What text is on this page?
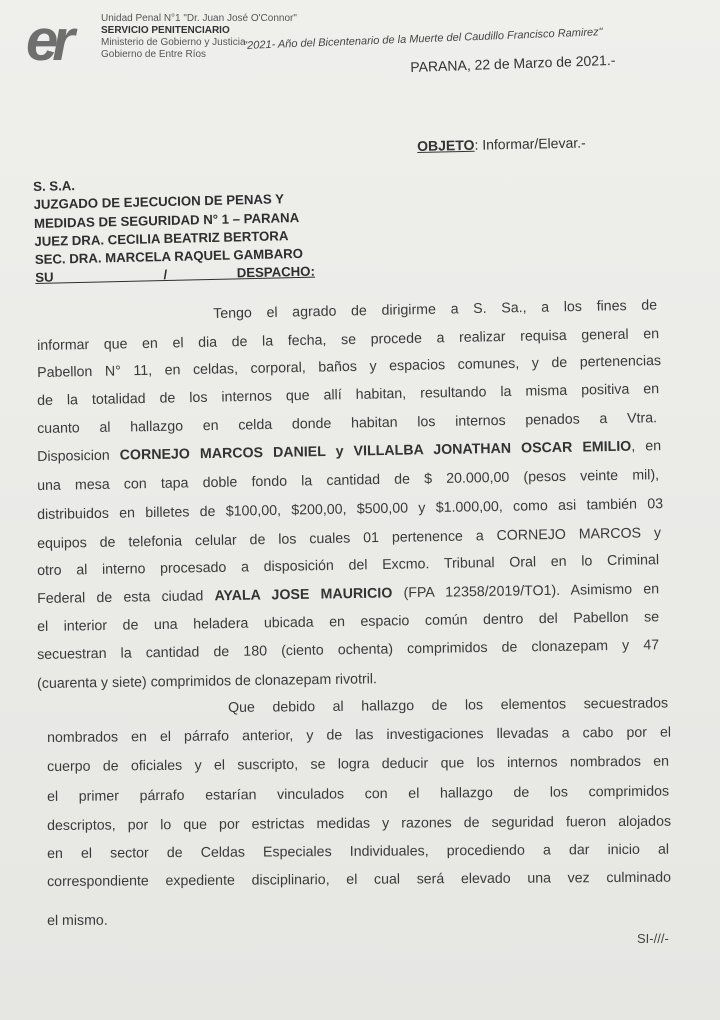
er	Unidad Penal N°1 "Dr. Juan José O'Connor"
SERVICIO PENITENCIARIO
Ministerio de Gobierno y Justicia
Gobierno de Entre Ríos
"2021- Año del Bicentenario de la Muerte del Caudillo Francisco Ramirez"
PARANA, 22 de Marzo de 2021.-
OBJETO: Informar/Elevar.-
S. S.A.
JUZGADO DE EJECUCION DE PENAS Y
MEDIDAS DE SEGURIDAD N° 1 – PARANA
JUEZ DRA. CECILIA BEATRIZ BERTORA
SEC. DRA. MARCELA RAQUEL GAMBARO
SU                              /                   DESPACHO:
Tengo el agrado de dirigirme a S. Sa., a los fines de
informar que en el dia de la fecha, se procede a realizar requisa general en
Pabellon N° 11, en celdas, corporal, baños y espacios comunes, y de pertenencias
de la totalidad de los internos que allí habitan, resultando la misma positiva en
cuanto al hallazgo en celda donde habitan los internos penados a Vtra.
Disposicion CORNEJO MARCOS DANIEL y VILLALBA JONATHAN OSCAR EMILIO, en
una mesa con tapa doble fondo la cantidad de $ 20.000,00 (pesos veinte mil),
distribuidos en billetes de $100,00, $200,00, $500,00 y $1.000,00, como asi también 03
equipos de telefonia celular de los cuales 01 pertenence a CORNEJO MARCOS y
otro al interno procesado a disposición del Excmo. Tribunal Oral en lo Criminal
Federal de esta ciudad AYALA JOSE MAURICIO (FPA 12358/2019/TO1). Asimismo en
el interior de una heladera ubicada en espacio común dentro del Pabellon se
secuestran la cantidad de 180 (ciento ochenta) comprimidos de clonazepam y 47
(cuarenta y siete) comprimidos de clonazepam rivotril.
Que debido al hallazgo de los elementos secuestrados
nombrados en el párrafo anterior, y de las investigaciones llevadas a cabo por el
cuerpo de oficiales y el suscripto, se logra deducir que los internos nombrados en
el primer párrafo estarían vinculados con el hallazgo de los comprimidos
descriptos, por lo que por estrictas medidas y razones de seguridad fueron alojados
en el sector de Celdas Especiales Individuales, procediendo a dar inicio al
correspondiente expediente disciplinario, el cual será elevado una vez culminado
el mismo.
SI-///-
